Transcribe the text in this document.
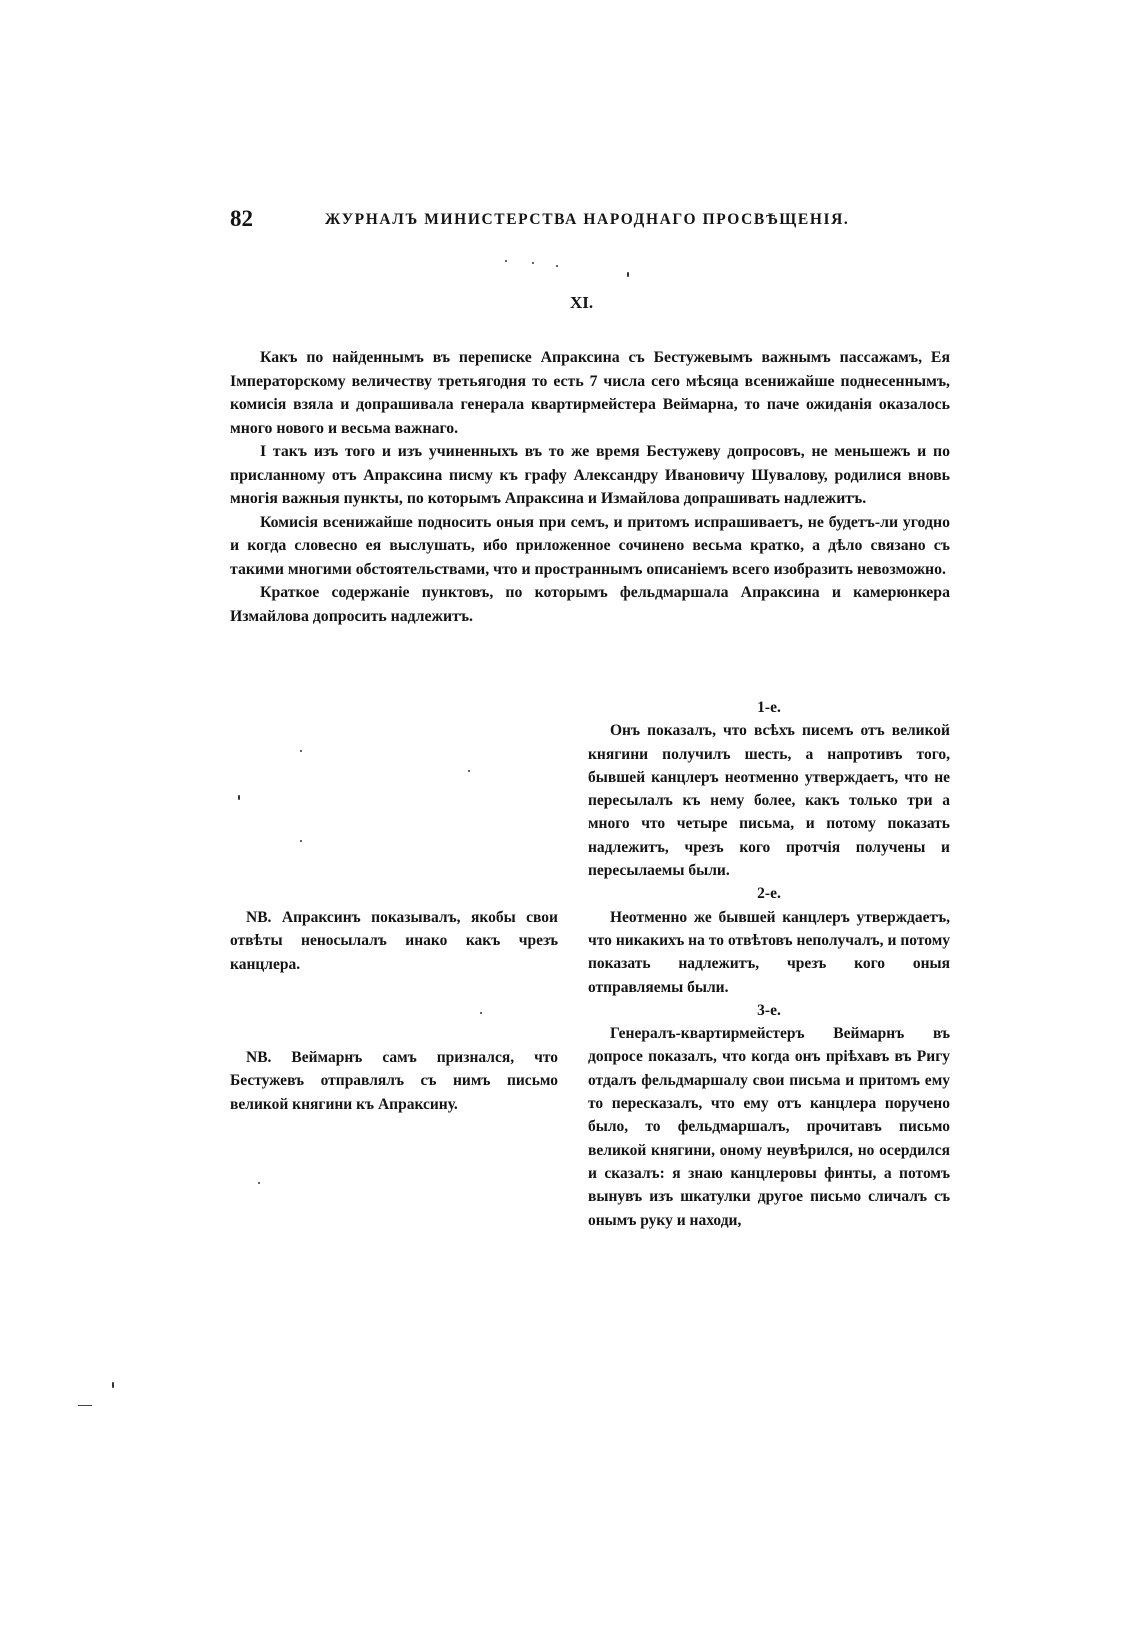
82	ЖУРНАЛЪ МИНИСТЕРСТВА НАРОДНАГО ПРОСВѢЩЕНІЯ.
XI.

Какъ по найденнымъ въ переписке Апраксина съ Бестужевымъ важнымъ пассажамъ, Ея Імператорскому величеству третьягодня то есть 7 числа сего мѣсяца всенижайше поднесеннымъ, комисія взяла и допрашивала генерала квартирмейстера Веймарна, то паче ожиданія оказалось много нового и весьма важнаго.

І такъ изъ того и изъ учиненныхъ въ то же время Бестужеву допросовъ, не меньшежъ и по присланному отъ Апраксина писму къ графу Александру Ивановичу Шувалову, родилися вновь многія важныя пункты, по которымъ Апраксина и Измайлова допрашивать надлежитъ.

Комисія всенижайше подносить оныя при семъ, и притомъ испрашиваетъ, не будетъ-ли угодно и когда словесно ея выслушать, ибо приложенное сочинено весьма кратко, а дѣло связано съ такими многими обстоятельствами, что и пространнымъ описаніемъ всего изобразить невозможно.

Краткое содержаніе пунктовъ, по которымъ фельдмаршала Апраксина и камерюнкера Измайлова допросить надлежитъ.

1-е.

Онъ показалъ, что всѣхъ писемъ отъ великой княгини получилъ шесть, а напротивъ того, бывшей канцлеръ неотменно утверждаетъ, что не пересылалъ къ нему более, какъ только три а много что четыре письма, и потому показать надлежитъ, чрезъ кого протчія получены и пересылаемы были.

2-е.

Неотменно же бывшей канцлеръ утверждаетъ, что никакихъ на то отвѣтовъ неполучалъ, и потому показать надлежитъ, чрезъ кого оныя отправляемы были.

3-е.

Генералъ-квартирмейстеръ Веймарнъ въ допросе показалъ, что когда онъ пріѣхавъ въ Ригу отдалъ фельдмаршалу свои письма и притомъ ему то пересказалъ, что ему отъ канцлера поручено было, то фельдмаршалъ, прочитавъ письмо великой княгини, оному неувѣрился, но осердился и сказалъ: я знаю канцлеровы финты, а потомъ вынувъ изъ шкатулки другое письмо сличалъ съ онымъ руку и находи,

NB. Апраксинъ показывалъ, якобы свои отвѣты неносылалъ инако какъ чрезъ канцлера.

NB. Веймарнъ самъ признался, что Бестужевъ отправлялъ съ нимъ письмо великой княгини къ Апраксину.
